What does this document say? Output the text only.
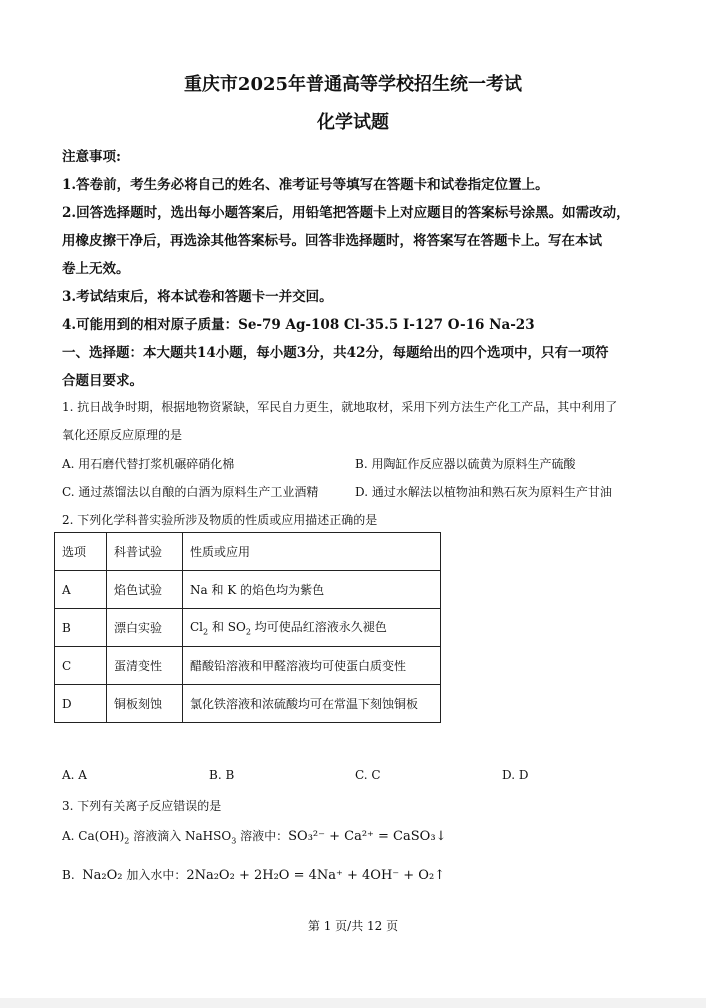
重庆市2025年普通高等学校招生统一考试
化学试题
注意事项:
1.答卷前，考生务必将自己的姓名、准考证号等填写在答题卡和试卷指定位置上。
2.回答选择题时，选出每小题答案后，用铅笔把答题卡上对应题目的答案标号涂黑。如需改动，
用橡皮擦干净后，再选涂其他答案标号。回答非选择题时，将答案写在答题卡上。写在本试
卷上无效。
3.考试结束后，将本试卷和答题卡一并交回。
4.可能用到的相对原子质量：Se-79 Ag-108 Cl-35.5 I-127 O-16 Na-23
一、选择题：本大题共14小题，每小题3分，共42分，每题给出的四个选项中，只有一项符
合题目要求。
1. 抗日战争时期，根据地物资紧缺，军民自力更生，就地取材，采用下列方法生产化工产品，其中利用了
氧化还原反应原理的是
A. 用石磨代替打浆机碾碎硝化棉	B. 用陶缸作反应器以硫黄为原料生产硫酸
C. 通过蒸馏法以自酿的白酒为原料生产工业酒精	D. 通过水解法以植物油和熟石灰为原料生产甘油
2. 下列化学科普实验所涉及物质的性质或应用描述正确的是
选项	科普试验	性质或应用
A	焰色试验	Na 和 K 的焰色均为紫色
B	漂白实验	$Cl_2$ 和 $SO_2$ 均可使品红溶液永久褪色
C	蛋清变性	醋酸铅溶液和甲醛溶液均可使蛋白质变性
D	铜板刻蚀	氯化铁溶液和浓硫酸均可在常温下刻蚀铜板
A. A	B. B	C. C	D. D
3. 下列有关离子反应错误的是
A. $Ca(OH)_2$ 溶液滴入 NaHSO$_3$ 溶液中：SO₃²⁻ + Ca²⁺ = CaSO₃↓
B. Na₂O₂ 加入水中：2Na₂O₂ + 2H₂O = 4Na⁺ + 4OH⁻ + O₂↑
第 1 页/共 12 页
